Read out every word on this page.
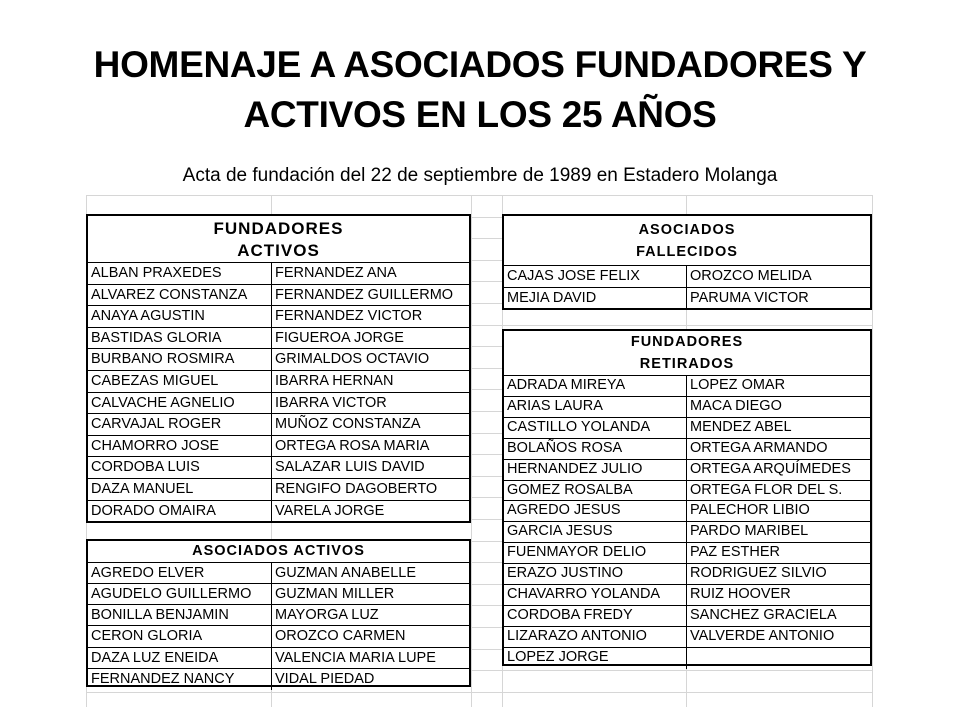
HOMENAJE A ASOCIADOS FUNDADORES Y
ACTIVOS EN LOS 25 AÑOS
Acta de fundación del 22 de septiembre de 1989 en Estadero Molanga
FUNDADORES
ACTIVOS
ALBAN PRAXEDES	FERNANDEZ ANA
ALVAREZ CONSTANZA	FERNANDEZ GUILLERMO
ANAYA AGUSTIN	FERNANDEZ VICTOR
BASTIDAS GLORIA	FIGUEROA JORGE
BURBANO ROSMIRA	GRIMALDOS OCTAVIO
CABEZAS MIGUEL	IBARRA HERNAN
CALVACHE AGNELIO	IBARRA VICTOR
CARVAJAL ROGER	MUÑOZ CONSTANZA
CHAMORRO JOSE	ORTEGA ROSA MARIA
CORDOBA LUIS	SALAZAR LUIS DAVID
DAZA MANUEL	RENGIFO DAGOBERTO
DORADO OMAIRA	VARELA JORGE
ASOCIADOS ACTIVOS
AGREDO ELVER	GUZMAN ANABELLE
AGUDELO GUILLERMO	GUZMAN MILLER
BONILLA BENJAMIN	MAYORGA LUZ
CERON GLORIA	OROZCO CARMEN
DAZA LUZ ENEIDA	VALENCIA MARIA LUPE
FERNANDEZ NANCY	VIDAL PIEDAD
ASOCIADOS
FALLECIDOS
CAJAS JOSE FELIX	OROZCO MELIDA
MEJIA DAVID	PARUMA VICTOR
FUNDADORES
RETIRADOS
ADRADA MIREYA	LOPEZ OMAR
ARIAS LAURA	MACA DIEGO
CASTILLO YOLANDA	MENDEZ ABEL
BOLAÑOS ROSA	ORTEGA ARMANDO
HERNANDEZ JULIO	ORTEGA ARQUÍMEDES
GOMEZ ROSALBA	ORTEGA FLOR DEL S.
AGREDO JESUS	PALECHOR LIBIO
GARCIA JESUS	PARDO MARIBEL
FUENMAYOR DELIO	PAZ ESTHER
ERAZO JUSTINO	RODRIGUEZ SILVIO
CHAVARRO YOLANDA	RUIZ HOOVER
CORDOBA FREDY	SANCHEZ GRACIELA
LIZARAZO ANTONIO	VALVERDE ANTONIO
LOPEZ JORGE
